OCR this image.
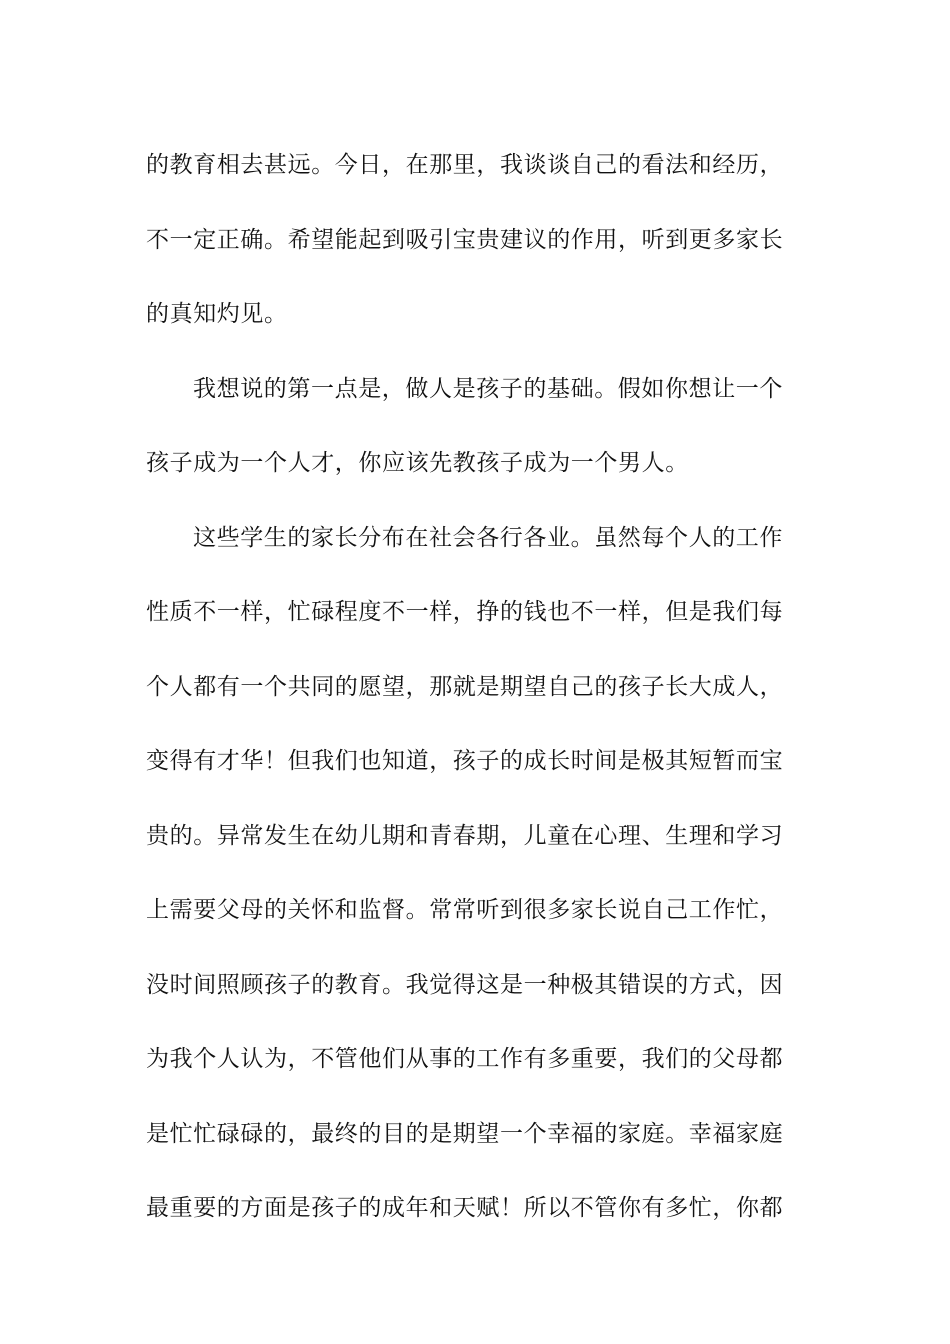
的教育相去甚远。今日，在那里，我谈谈自己的看法和经历，
不一定正确。希望能起到吸引宝贵建议的作用，听到更多家长
的真知灼见。
我想说的第一点是，做人是孩子的基础。假如你想让一个
孩子成为一个人才，你应该先教孩子成为一个男人。
这些学生的家长分布在社会各行各业。虽然每个人的工作
性质不一样，忙碌程度不一样，挣的钱也不一样，但是我们每
个人都有一个共同的愿望，那就是期望自己的孩子长大成人，
变得有才华！但我们也知道，孩子的成长时间是极其短暂而宝
贵的。异常发生在幼儿期和青春期，儿童在心理、生理和学习
上需要父母的关怀和监督。常常听到很多家长说自己工作忙，
没时间照顾孩子的教育。我觉得这是一种极其错误的方式，因
为我个人认为，不管他们从事的工作有多重要，我们的父母都
是忙忙碌碌的，最终的目的是期望一个幸福的家庭。幸福家庭
最重要的方面是孩子的成年和天赋！所以不管你有多忙，你都
